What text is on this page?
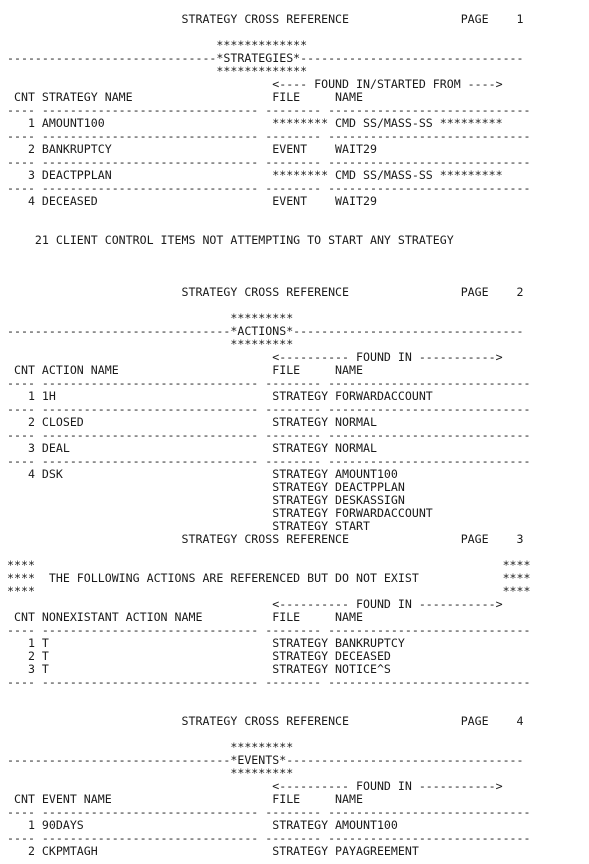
STRATEGY CROSS REFERENCE                PAGE    1
*************
------------------------------*STRATEGIES*--------------------------------
*************
<---- FOUND IN/STARTED FROM ---->
CNT STRATEGY NAME                    FILE     NAME
---- ------------------------------- -------- -----------------------------
1 AMOUNT100                        ******** CMD SS/MASS-SS *********
---- ------------------------------- -------- -----------------------------
2 BANKRUPTCY                       EVENT    WAIT29
---- ------------------------------- -------- -----------------------------
3 DEACTPPLAN                       ******** CMD SS/MASS-SS *********
---- ------------------------------- -------- -----------------------------
4 DECEASED                         EVENT    WAIT29
21 CLIENT CONTROL ITEMS NOT ATTEMPTING TO START ANY STRATEGY
STRATEGY CROSS REFERENCE                PAGE    2
*********
--------------------------------*ACTIONS*---------------------------------
*********
<---------- FOUND IN ----------->
CNT ACTION NAME                      FILE     NAME
---- ------------------------------- -------- -----------------------------
1 1H                               STRATEGY FORWARDACCOUNT
---- ------------------------------- -------- -----------------------------
2 CLOSED                           STRATEGY NORMAL
---- ------------------------------- -------- -----------------------------
3 DEAL                             STRATEGY NORMAL
---- ------------------------------- -------- -----------------------------
4 DSK                              STRATEGY AMOUNT100
STRATEGY DEACTPPLAN
STRATEGY DESKASSIGN
STRATEGY FORWARDACCOUNT
STRATEGY START
STRATEGY CROSS REFERENCE                PAGE    3
****                                                                   ****
****  THE FOLLOWING ACTIONS ARE REFERENCED BUT DO NOT EXIST            ****
****                                                                   ****
<---------- FOUND IN ----------->
CNT NONEXISTANT ACTION NAME          FILE     NAME
---- ------------------------------- -------- -----------------------------
1 T                                STRATEGY BANKRUPTCY
2 T                                STRATEGY DECEASED
3 T                                STRATEGY NOTICE^S
---- ------------------------------- -------- -----------------------------
STRATEGY CROSS REFERENCE                PAGE    4
*********
--------------------------------*EVENTS*----------------------------------
*********
<---------- FOUND IN ----------->
CNT EVENT NAME                       FILE     NAME
---- ------------------------------- -------- -----------------------------
1 90DAYS                           STRATEGY AMOUNT100
---- ------------------------------- -------- -----------------------------
2 CKPMTAGH                         STRATEGY PAYAGREEMENT
